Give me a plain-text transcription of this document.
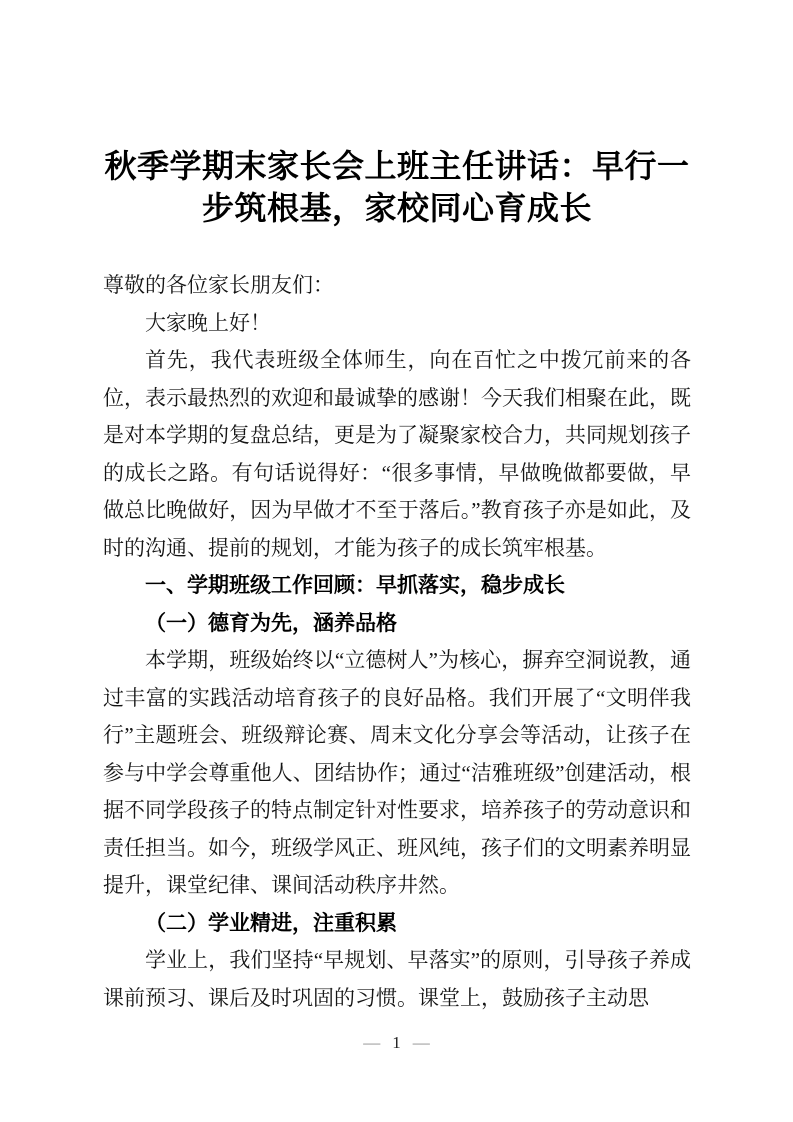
秋季学期末家长会上班主任讲话：早行一
步筑根基，家校同心育成长

尊敬的各位家长朋友们：

大家晚上好！

首先，我代表班级全体师生，向在百忙之中拨冗前来的各位，表示最热烈的欢迎和最诚挚的感谢！今天我们相聚在此，既是对本学期的复盘总结，更是为了凝聚家校合力，共同规划孩子的成长之路。有句话说得好：“很多事情，早做晚做都要做，早做总比晚做好，因为早做才不至于落后。”教育孩子亦是如此，及时的沟通、提前的规划，才能为孩子的成长筑牢根基。

一、学期班级工作回顾：早抓落实，稳步成长

（一）德育为先，涵养品格

本学期，班级始终以“立德树人”为核心，摒弃空洞说教，通过丰富的实践活动培育孩子的良好品格。我们开展了“文明伴我行”主题班会、班级辩论赛、周末文化分享会等活动，让孩子在参与中学会尊重他人、团结协作；通过“洁雅班级”创建活动，根据不同学段孩子的特点制定针对性要求，培养孩子的劳动意识和责任担当。如今，班级学风正、班风纯，孩子们的文明素养明显提升，课堂纪律、课间活动秩序井然。

（二）学业精进，注重积累

学业上，我们坚持“早规划、早落实”的原则，引导孩子养成课前预习、课后及时巩固的习惯。课堂上，鼓励孩子主动思

— 1 —
